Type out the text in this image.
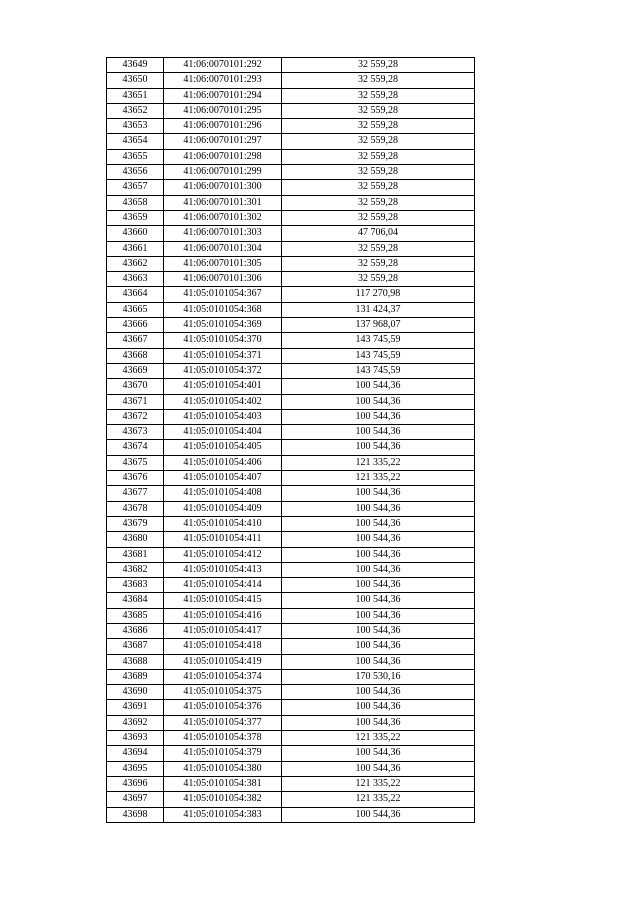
43649	41:06:0070101:292	32 559,28
43650	41:06:0070101:293	32 559,28
43651	41:06:0070101:294	32 559,28
43652	41:06:0070101:295	32 559,28
43653	41:06:0070101:296	32 559,28
43654	41:06:0070101:297	32 559,28
43655	41:06:0070101:298	32 559,28
43656	41:06:0070101:299	32 559,28
43657	41:06:0070101:300	32 559,28
43658	41:06:0070101:301	32 559,28
43659	41:06:0070101:302	32 559,28
43660	41:06:0070101:303	47 706,04
43661	41:06:0070101:304	32 559,28
43662	41:06:0070101:305	32 559,28
43663	41:06:0070101:306	32 559,28
43664	41:05:0101054:367	117 270,98
43665	41:05:0101054:368	131 424,37
43666	41:05:0101054:369	137 968,07
43667	41:05:0101054:370	143 745,59
43668	41:05:0101054:371	143 745,59
43669	41:05:0101054:372	143 745,59
43670	41:05:0101054:401	100 544,36
43671	41:05:0101054:402	100 544,36
43672	41:05:0101054:403	100 544,36
43673	41:05:0101054:404	100 544,36
43674	41:05:0101054:405	100 544,36
43675	41:05:0101054:406	121 335,22
43676	41:05:0101054:407	121 335,22
43677	41:05:0101054:408	100 544,36
43678	41:05:0101054:409	100 544,36
43679	41:05:0101054:410	100 544,36
43680	41:05:0101054:411	100 544,36
43681	41:05:0101054:412	100 544,36
43682	41:05:0101054:413	100 544,36
43683	41:05:0101054:414	100 544,36
43684	41:05:0101054:415	100 544,36
43685	41:05:0101054:416	100 544,36
43686	41:05:0101054:417	100 544,36
43687	41:05:0101054:418	100 544,36
43688	41:05:0101054:419	100 544,36
43689	41:05:0101054:374	170 530,16
43690	41:05:0101054:375	100 544,36
43691	41:05:0101054:376	100 544,36
43692	41:05:0101054:377	100 544,36
43693	41:05:0101054:378	121 335,22
43694	41:05:0101054:379	100 544,36
43695	41:05:0101054:380	100 544,36
43696	41:05:0101054:381	121 335,22
43697	41:05:0101054:382	121 335,22
43698	41:05:0101054:383	100 544,36
